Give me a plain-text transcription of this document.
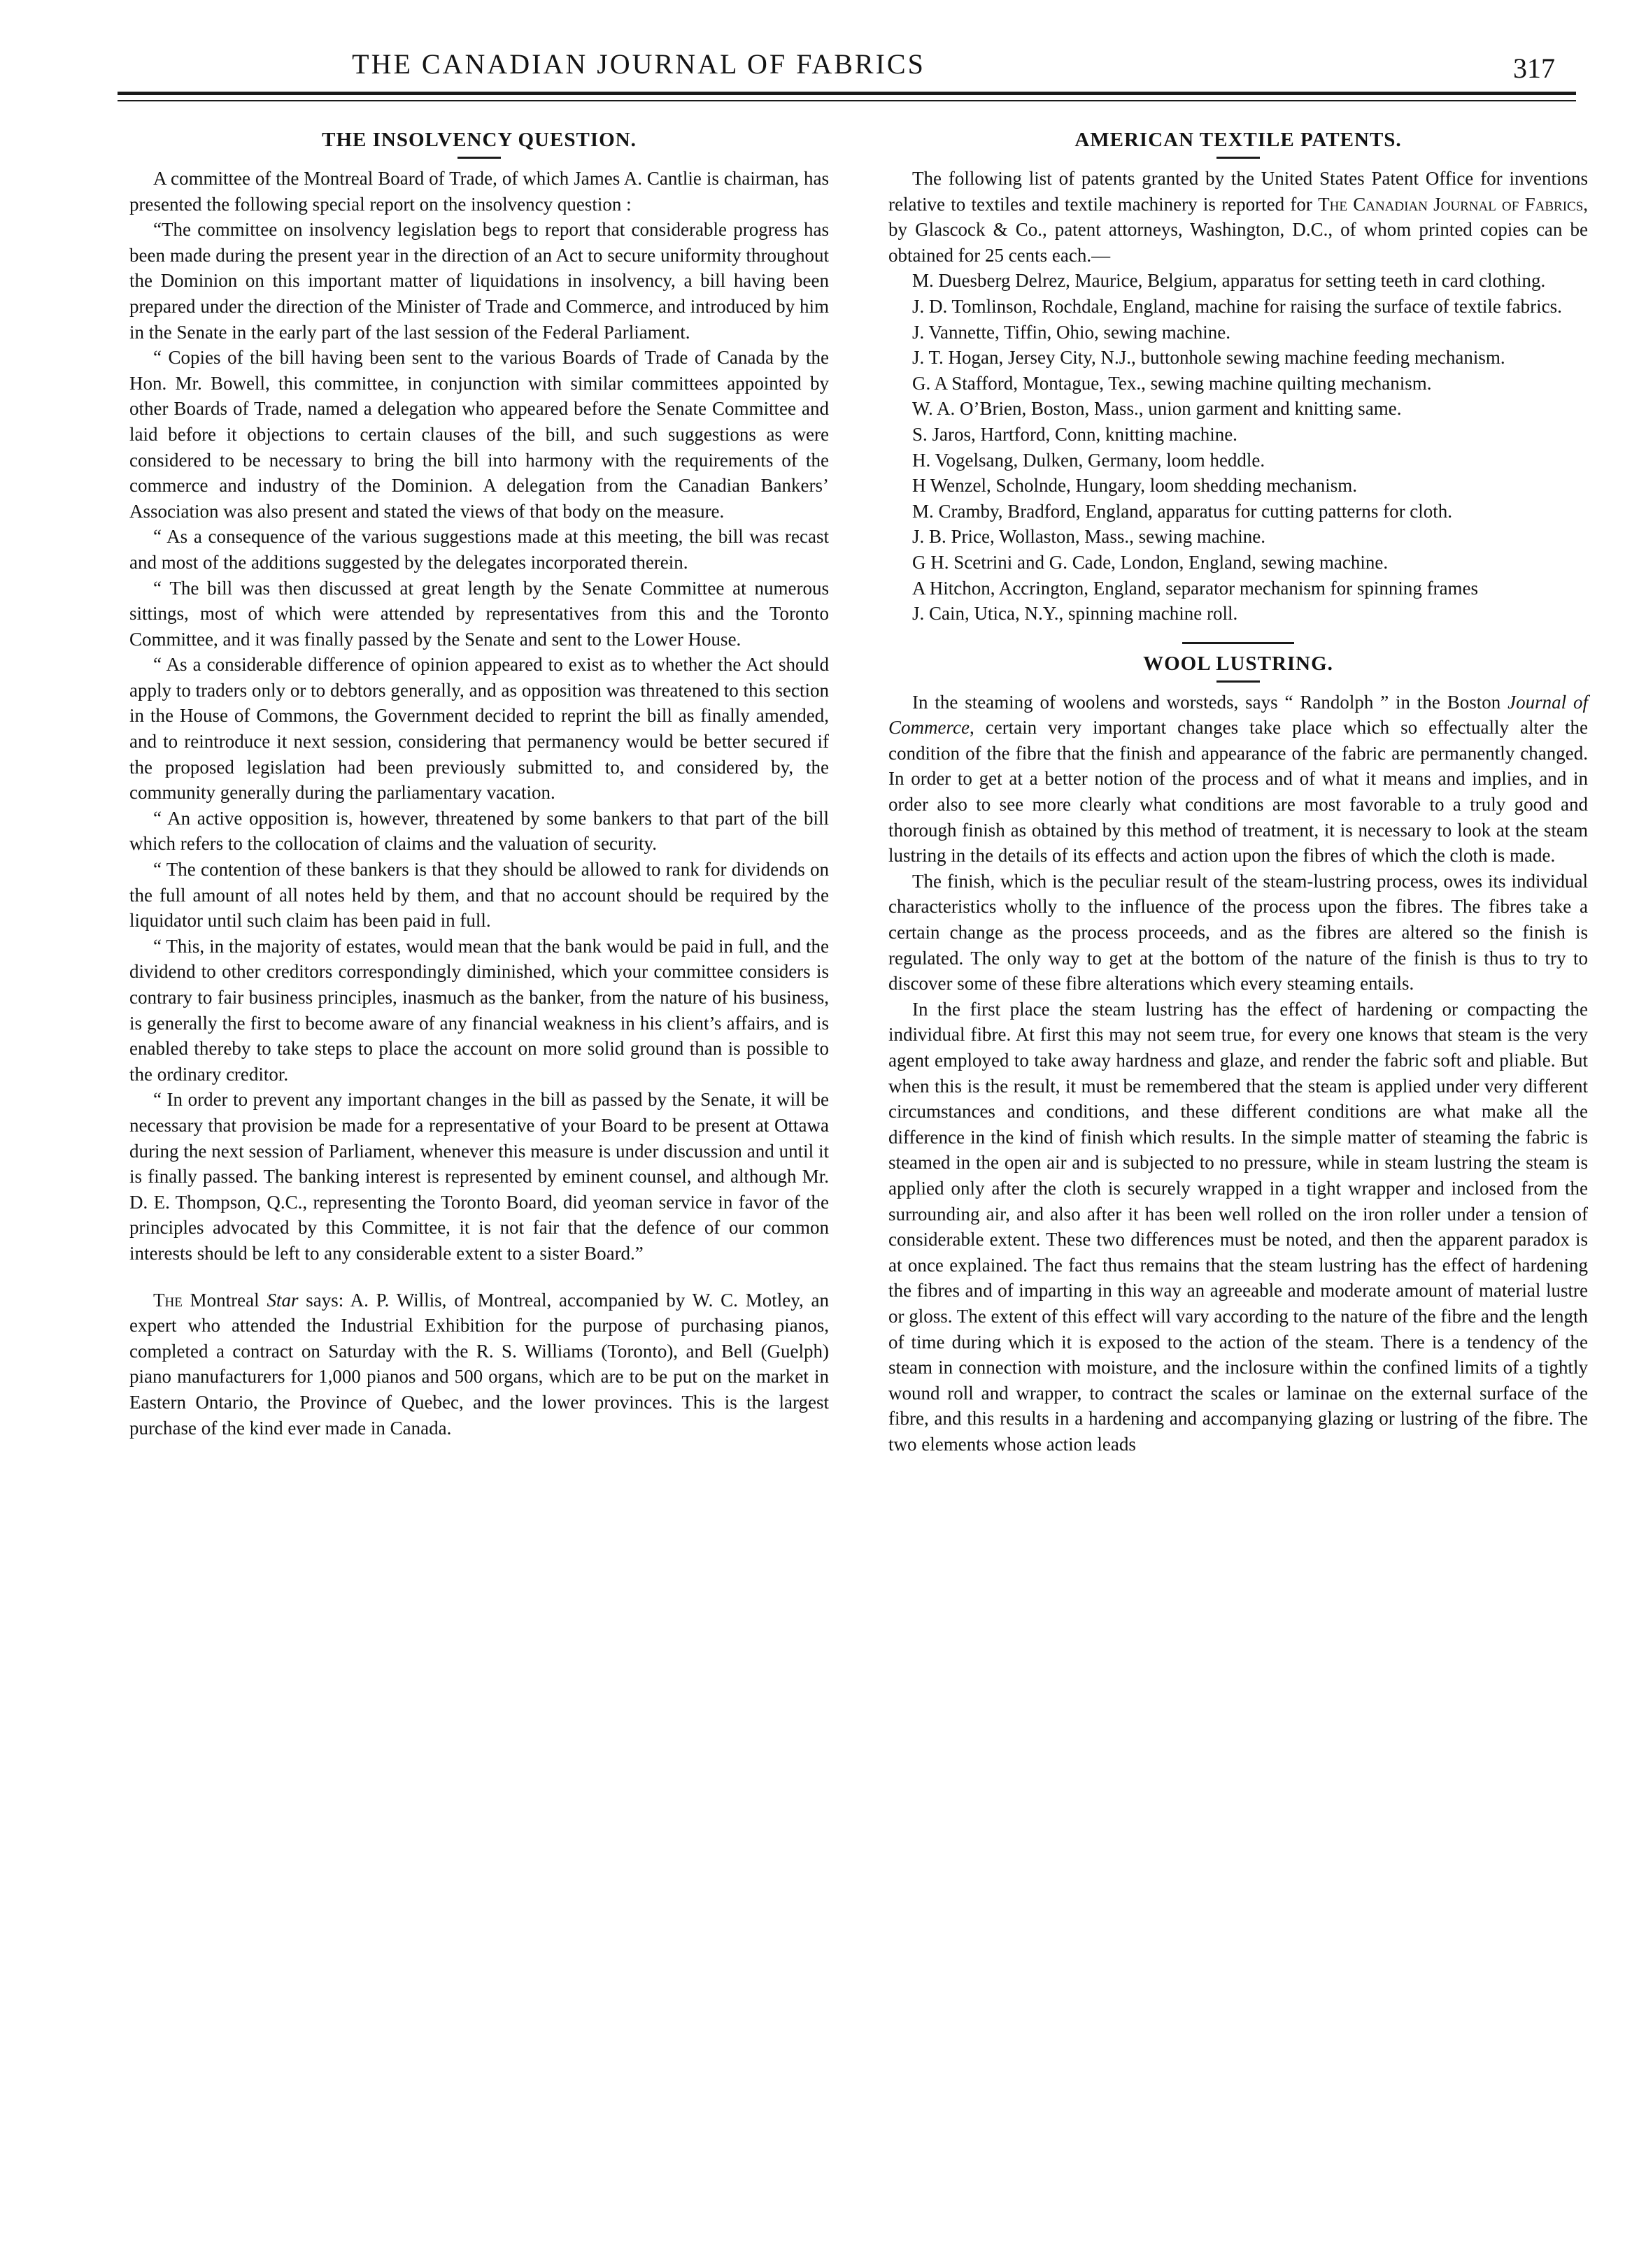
THE CANADIAN JOURNAL OF FABRICS	317
THE INSOLVENCY QUESTION.

A committee of the Montreal Board of Trade, of which James A. Cantlie is chairman, has presented the following special report on the insolvency question :

“The committee on insolvency legislation begs to report that considerable progress has been made during the present year in the direction of an Act to secure uniformity throughout the Dominion on this important matter of liquidations in insolvency, a bill having been prepared under the direction of the Minister of Trade and Commerce, and introduced by him in the Senate in the early part of the last session of the Federal Parliament.

“ Copies of the bill having been sent to the various Boards of Trade of Canada by the Hon. Mr. Bowell, this committee, in conjunction with similar committees appointed by other Boards of Trade, named a delegation who appeared before the Senate Committee and laid before it objections to certain clauses of the bill, and such suggestions as were considered to be necessary to bring the bill into harmony with the requirements of the commerce and industry of the Dominion. A delegation from the Canadian Bankers’ Association was also present and stated the views of that body on the measure.

“ As a consequence of the various suggestions made at this meeting, the bill was recast and most of the additions suggested by the delegates incorporated therein.

“ The bill was then discussed at great length by the Senate Committee at numerous sittings, most of which were attended by representatives from this and the Toronto Committee, and it was finally passed by the Senate and sent to the Lower House.

“ As a considerable difference of opinion appeared to exist as to whether the Act should apply to traders only or to debtors generally, and as opposition was threatened to this section in the House of Commons, the Government decided to reprint the bill as finally amended, and to reintroduce it next session, considering that permanency would be better secured if the proposed legislation had been previously submitted to, and considered by, the community generally during the parliamentary vacation.

“ An active opposition is, however, threatened by some bankers to that part of the bill which refers to the collocation of claims and the valuation of security.

“ The contention of these bankers is that they should be allowed to rank for dividends on the full amount of all notes held by them, and that no account should be required by the liquidator until such claim has been paid in full.

“ This, in the majority of estates, would mean that the bank would be paid in full, and the dividend to other creditors correspondingly diminished, which your committee considers is contrary to fair business principles, inasmuch as the banker, from the nature of his business, is generally the first to become aware of any financial weakness in his client’s affairs, and is enabled thereby to take steps to place the account on more solid ground than is possible to the ordinary creditor.

“ In order to prevent any important changes in the bill as passed by the Senate, it will be necessary that provision be made for a representative of your Board to be present at Ottawa during the next session of Parliament, whenever this measure is under discussion and until it is finally passed. The banking interest is represented by eminent counsel, and although Mr. D. E. Thompson, Q.C., representing the Toronto Board, did yeoman service in favor of the principles advocated by this Committee, it is not fair that the defence of our common interests should be left to any considerable extent to a sister Board.”

The Montreal Star says: A. P. Willis, of Montreal, accompanied by W. C. Motley, an expert who attended the Industrial Exhibition for the purpose of purchasing pianos, completed a contract on Saturday with the R. S. Williams (Toronto), and Bell (Guelph) piano manufacturers for 1,000 pianos and 500 organs, which are to be put on the market in Eastern Ontario, the Province of Quebec, and the lower provinces. This is the largest purchase of the kind ever made in Canada.

AMERICAN TEXTILE PATENTS.

The following list of patents granted by the United States Patent Office for inventions relative to textiles and textile machinery is reported for The Canadian Journal of Fabrics, by Glascock & Co., patent attorneys, Washington, D.C., of whom printed copies can be obtained for 25 cents each.—

M. Duesberg Delrez, Maurice, Belgium, apparatus for setting teeth in card clothing.

J. D. Tomlinson, Rochdale, England, machine for raising the surface of textile fabrics.

J. Vannette, Tiffin, Ohio, sewing machine.

J. T. Hogan, Jersey City, N.J., buttonhole sewing machine feeding mechanism.

G. A Stafford, Montague, Tex., sewing machine quilting mechanism.

W. A. O’Brien, Boston, Mass., union garment and knitting same.

S. Jaros, Hartford, Conn, knitting machine.

H. Vogelsang, Dulken, Germany, loom heddle.

H Wenzel, Scholnde, Hungary, loom shedding mechanism.

M. Cramby, Bradford, England, apparatus for cutting patterns for cloth.

J. B. Price, Wollaston, Mass., sewing machine.

G H. Scetrini and G. Cade, London, England, sewing machine.

A Hitchon, Accrington, England, separator mechanism for spinning frames

J. Cain, Utica, N.Y., spinning machine roll.

WOOL LUSTRING.

In the steaming of woolens and worsteds, says “ Randolph ” in the Boston Journal of Commerce, certain very important changes take place which so effectually alter the condition of the fibre that the finish and appearance of the fabric are permanently changed. In order to get at a better notion of the process and of what it means and implies, and in order also to see more clearly what conditions are most favorable to a truly good and thorough finish as obtained by this method of treatment, it is necessary to look at the steam lustring in the details of its effects and action upon the fibres of which the cloth is made.

The finish, which is the peculiar result of the steam-lustring process, owes its individual characteristics wholly to the influence of the process upon the fibres. The fibres take a certain change as the process proceeds, and as the fibres are altered so the finish is regulated. The only way to get at the bottom of the nature of the finish is thus to try to discover some of these fibre alterations which every steaming entails.

In the first place the steam lustring has the effect of hardening or compacting the individual fibre. At first this may not seem true, for every one knows that steam is the very agent employed to take away hardness and glaze, and render the fabric soft and pliable. But when this is the result, it must be remembered that the steam is applied under very different circumstances and conditions, and these different conditions are what make all the difference in the kind of finish which results. In the simple matter of steaming the fabric is steamed in the open air and is subjected to no pressure, while in steam lustring the steam is applied only after the cloth is securely wrapped in a tight wrapper and inclosed from the surrounding air, and also after it has been well rolled on the iron roller under a tension of considerable extent. These two differences must be noted, and then the apparent paradox is at once explained. The fact thus remains that the steam lustring has the effect of hardening the fibres and of imparting in this way an agreeable and moderate amount of material lustre or gloss. The extent of this effect will vary according to the nature of the fibre and the length of time during which it is exposed to the action of the steam. There is a tendency of the steam in connection with moisture, and the inclosure within the confined limits of a tightly wound roll and wrapper, to contract the scales or laminae on the external surface of the fibre, and this results in a hardening and accompanying glazing or lustring of the fibre. The two elements whose action leads
